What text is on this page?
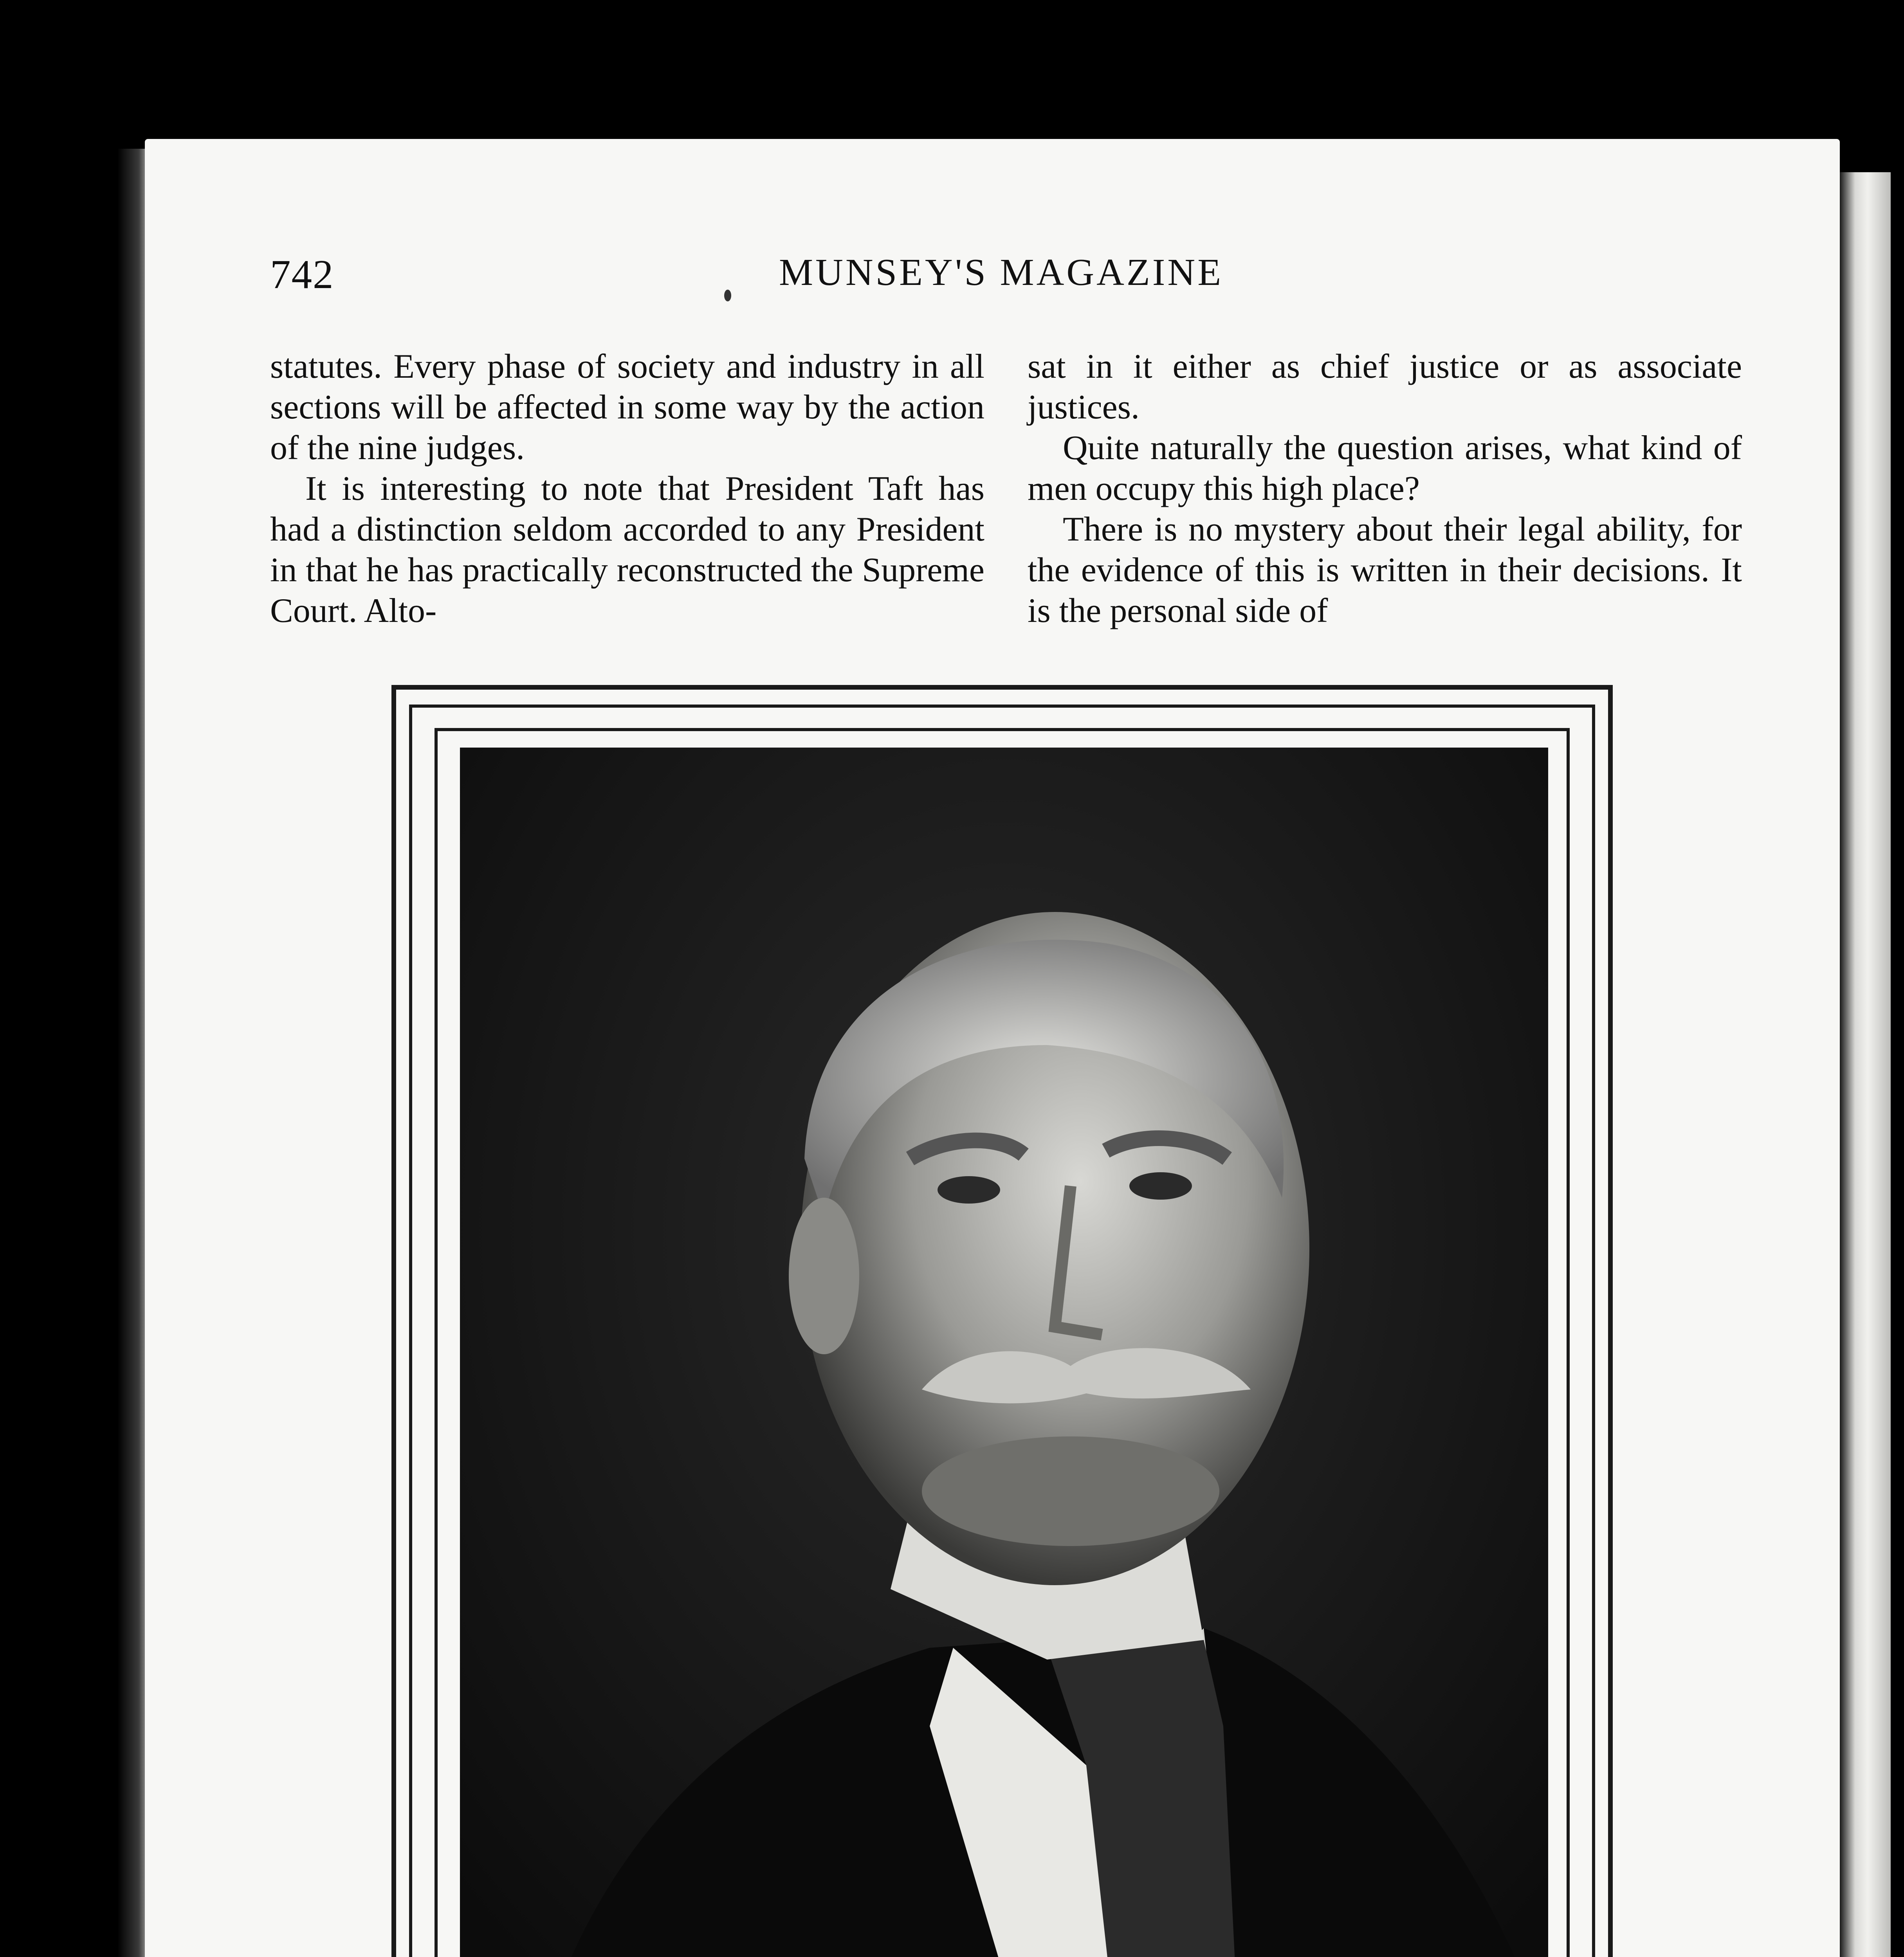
742	MUNSEY'S MAGAZINE

statutes. Every phase of society and industry in all sections will be affected in some way by the action of the nine judges.

It is interesting to note that President Taft has had a distinction seldom accorded to any President in that he has practically reconstructed the Supreme Court. Alto-

sat in it either as chief justice or as associate justices.

Quite naturally the question arises, what kind of men occupy this high place?

There is no mystery about their legal ability, for the evidence of this is written in their decisions. It is the personal side of
